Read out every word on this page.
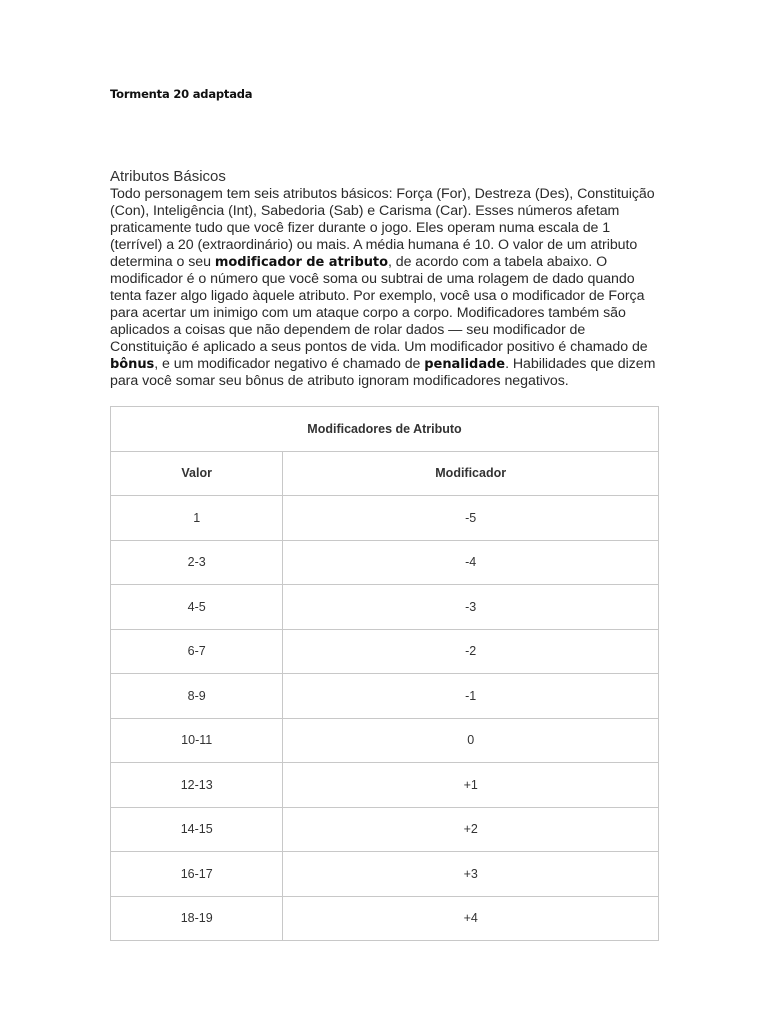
Tormenta 20 adaptada
Atributos Básicos

Todo personagem tem seis atributos básicos: Força (For), Destreza (Des), Constituição (Con), Inteligência (Int), Sabedoria (Sab) e Carisma (Car). Esses números afetam praticamente tudo que você fizer durante o jogo. Eles operam numa escala de 1 (terrível) a 20 (extraordinário) ou mais. A média humana é 10. O valor de um atributo determina o seu modificador de atributo, de acordo com a tabela abaixo. O modificador é o número que você soma ou subtrai de uma rolagem de dado quando tenta fazer algo ligado àquele atributo. Por exemplo, você usa o modificador de Força para acertar um inimigo com um ataque corpo a corpo. Modificadores também são aplicados a coisas que não dependem de rolar dados — seu modificador de Constituição é aplicado a seus pontos de vida. Um modificador positivo é chamado de bônus, e um modificador negativo é chamado de penalidade. Habilidades que dizem para você somar seu bônus de atributo ignoram modificadores negativos.

Modificadores de Atributo	
Valor	Modificador
1	-5
2-3	-4
4-5	-3
6-7	-2
8-9	-1
10-11	0
12-13	+1
14-15	+2
16-17	+3
18-19	+4
